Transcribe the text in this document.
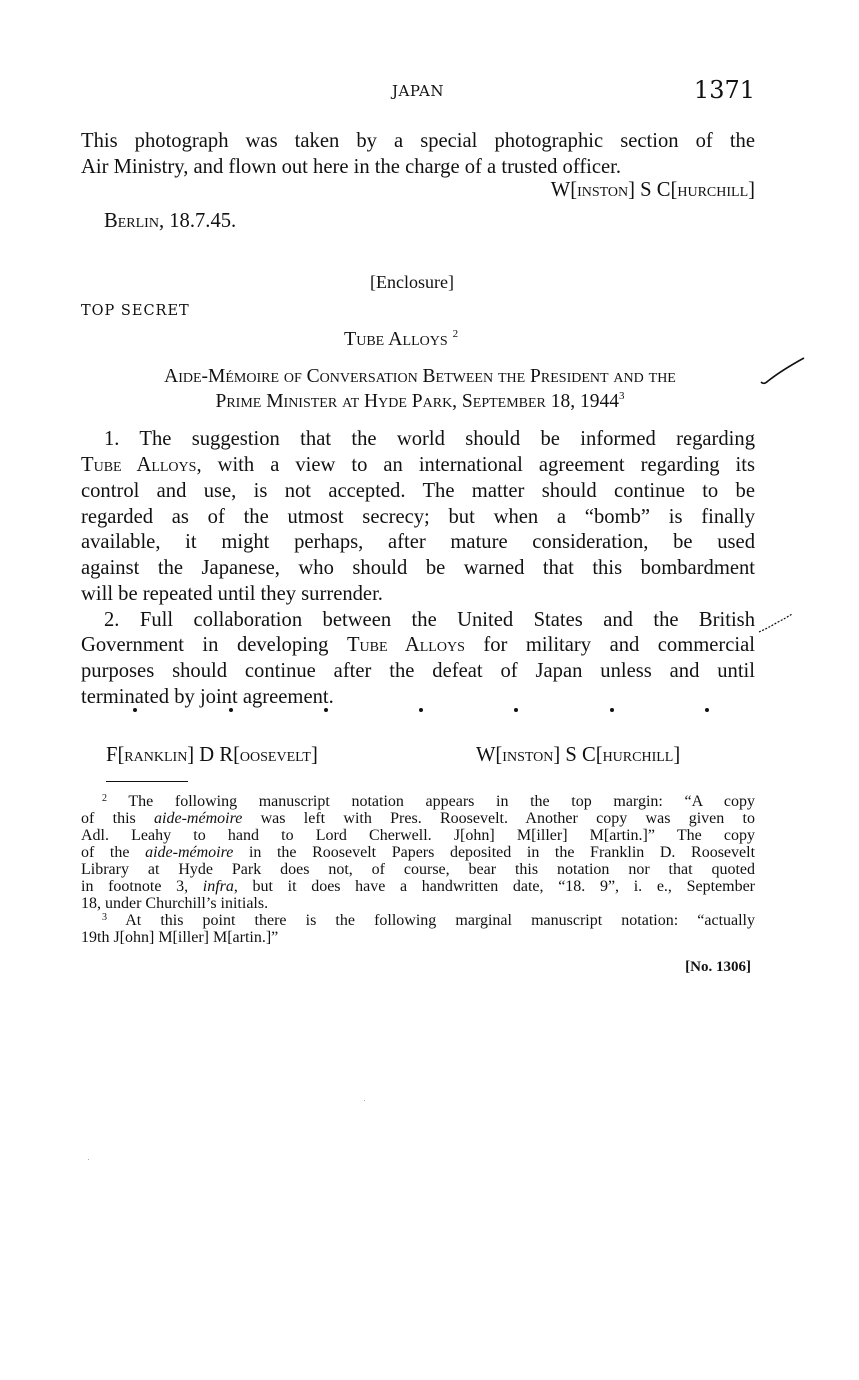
JAPAN	1371

This photograph was taken by a special photographic section of the

Air Ministry, and flown out here in the charge of a trusted officer.

W[inston] S C[hurchill]
Berlin, 18.7.45.
[Enclosure]
TOP SECRET
Tube Alloys $^2$

Aide-Mémoire of Conversation Between the President and the

Prime Minister at Hyde Park, September 18, 1944$^3$

1. The suggestion that the world should be informed regarding

Tube Alloys, with a view to an international agreement regarding its

control and use, is not accepted. The matter should continue to be

regarded as of the utmost secrecy; but when a “bomb” is finally

available, it might perhaps, after mature consideration, be used

against the Japanese, who should be warned that this bombardment

will be repeated until they surrender.

2. Full collaboration between the United States and the British

Government in developing Tube Alloys for military and commercial

purposes should continue after the defeat of Japan unless and until

terminated by joint agreement.

F[ranklin] D R[oosevelt]	W[inston] S C[hurchill]

$^2$ The following manuscript notation appears in the top margin: “A copy

of this aide-mémoire was left with Pres. Roosevelt. Another copy was given to

Adl. Leahy to hand to Lord Cherwell. J[ohn] M[iller] M[artin.]” The copy

of the aide-mémoire in the Roosevelt Papers deposited in the Franklin D. Roosevelt

Library at Hyde Park does not, of course, bear this notation nor that quoted

in footnote 3, infra, but it does have a handwritten date, “18. 9”, i. e., September

18, under Churchill’s initials.

$^3$ At this point there is the following marginal manuscript notation: “actually

19th J[ohn] M[iller] M[artin.]”

[No. 1306]
